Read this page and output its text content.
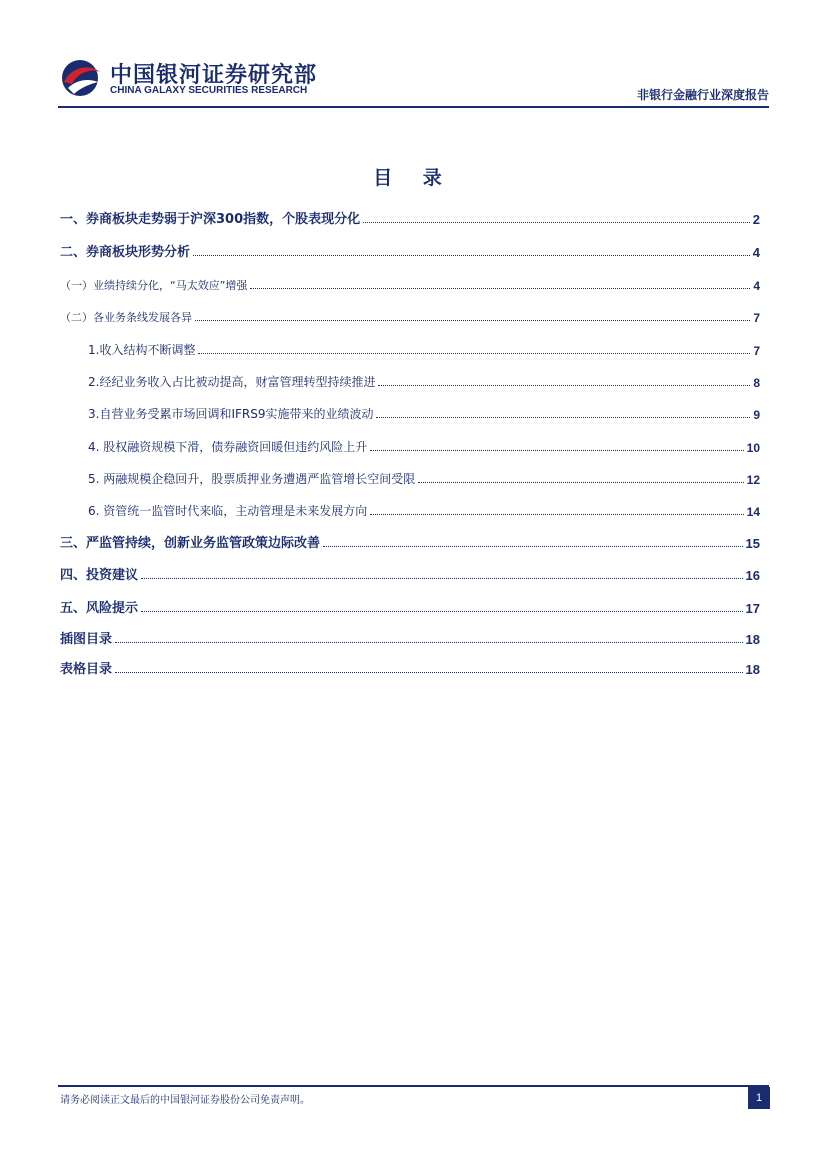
中国银河证券研究部
CHINA GALAXY SECURITIES RESEARCH	非银行金融行业深度报告
目 录
一、券商板块走势弱于沪深300指数，个股表现分化	2
二、券商板块形势分析	4
（一）业绩持续分化，“马太效应”增强	4
（二）各业务条线发展各异	7
1.收入结构不断调整	7
2.经纪业务收入占比被动提高，财富管理转型持续推进	8
3.自营业务受累市场回调和IFRS9实施带来的业绩波动	9
4. 股权融资规模下滑，债券融资回暖但违约风险上升	10
5. 两融规模企稳回升，股票质押业务遭遇严监管增长空间受限	12
6. 资管统一监管时代来临，主动管理是未来发展方向	14
三、严监管持续，创新业务监管政策边际改善	15
四、投资建议	16
五、风险提示	17
插图目录	18
表格目录	18
请务必阅读正文最后的中国银河证券股份公司免责声明。	1
